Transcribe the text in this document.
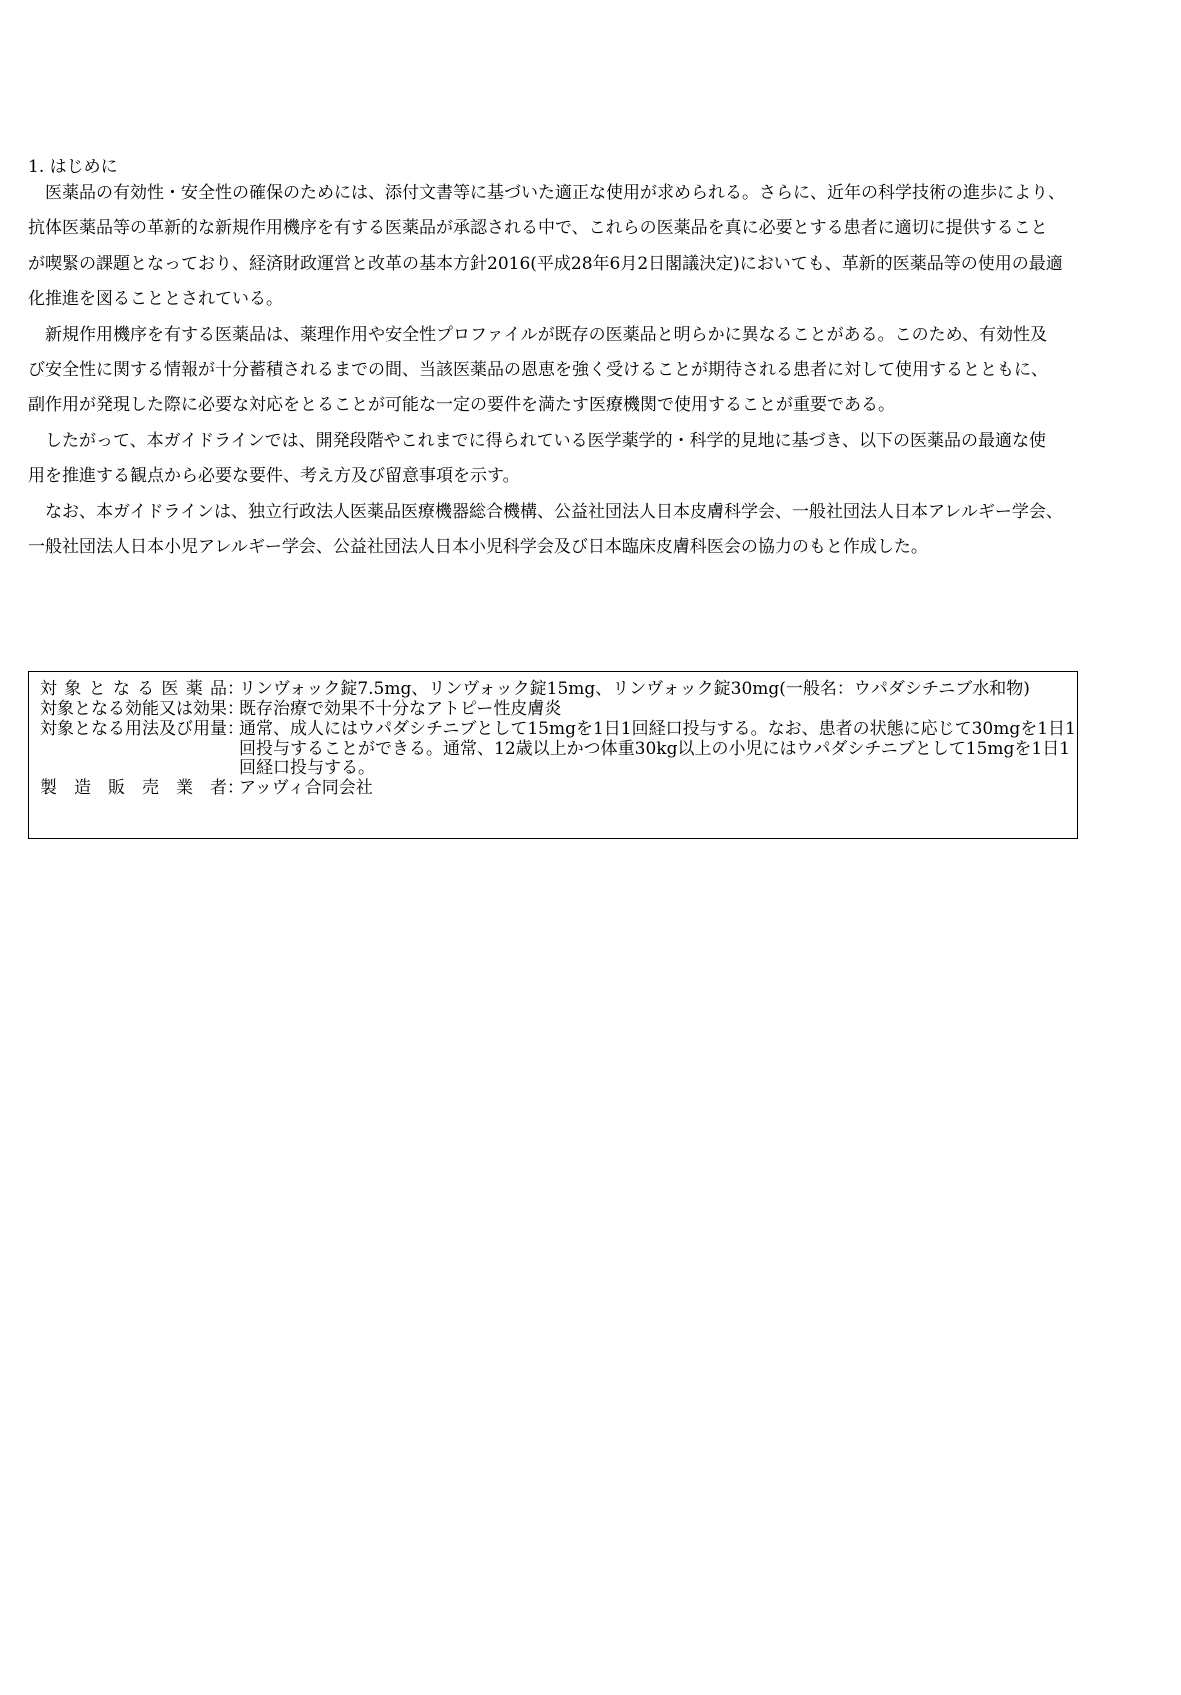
1. はじめに
　医薬品の有効性・安全性の確保のためには、添付文書等に基づいた適正な使用が求められる。さらに、近年の科学技術の進歩により、
抗体医薬品等の革新的な新規作用機序を有する医薬品が承認される中で、これらの医薬品を真に必要とする患者に適切に提供すること
が喫緊の課題となっており、経済財政運営と改革の基本方針2016(平成28年6月2日閣議決定)においても、革新的医薬品等の使用の最適
化推進を図ることとされている。
　新規作用機序を有する医薬品は、薬理作用や安全性プロファイルが既存の医薬品と明らかに異なることがある。このため、有効性及
び安全性に関する情報が十分蓄積されるまでの間、当該医薬品の恩恵を強く受けることが期待される患者に対して使用するとともに、
副作用が発現した際に必要な対応をとることが可能な一定の要件を満たす医療機関で使用することが重要である。
　したがって、本ガイドラインでは、開発段階やこれまでに得られている医学薬学的・科学的見地に基づき、以下の医薬品の最適な使
用を推進する観点から必要な要件、考え方及び留意事項を示す。
　なお、本ガイドラインは、独立行政法人医薬品医療機器総合機構、公益社団法人日本皮膚科学会、一般社団法人日本アレルギー学会、
一般社団法人日本小児アレルギー学会、公益社団法人日本小児科学会及び日本臨床皮膚科医会の協力のもと作成した。
対象となる医薬品 ：
リンヴォック錠7.5mg、リンヴォック錠15mg、リンヴォック錠30mg(一般名：ウパダシチニブ水和物)
対象となる効能又は効果 ：
既存治療で効果不十分なアトピー性皮膚炎
対象となる用法及び用量 ：
通常、成人にはウパダシチニブとして15mgを1日1回経口投与する。なお、患者の状態に応じて30mgを1日1
回投与することができる。通常、12歳以上かつ体重30kg以上の小児にはウパダシチニブとして15mgを1日1
回経口投与する。
製造販売業者 ：
アッヴィ合同会社
